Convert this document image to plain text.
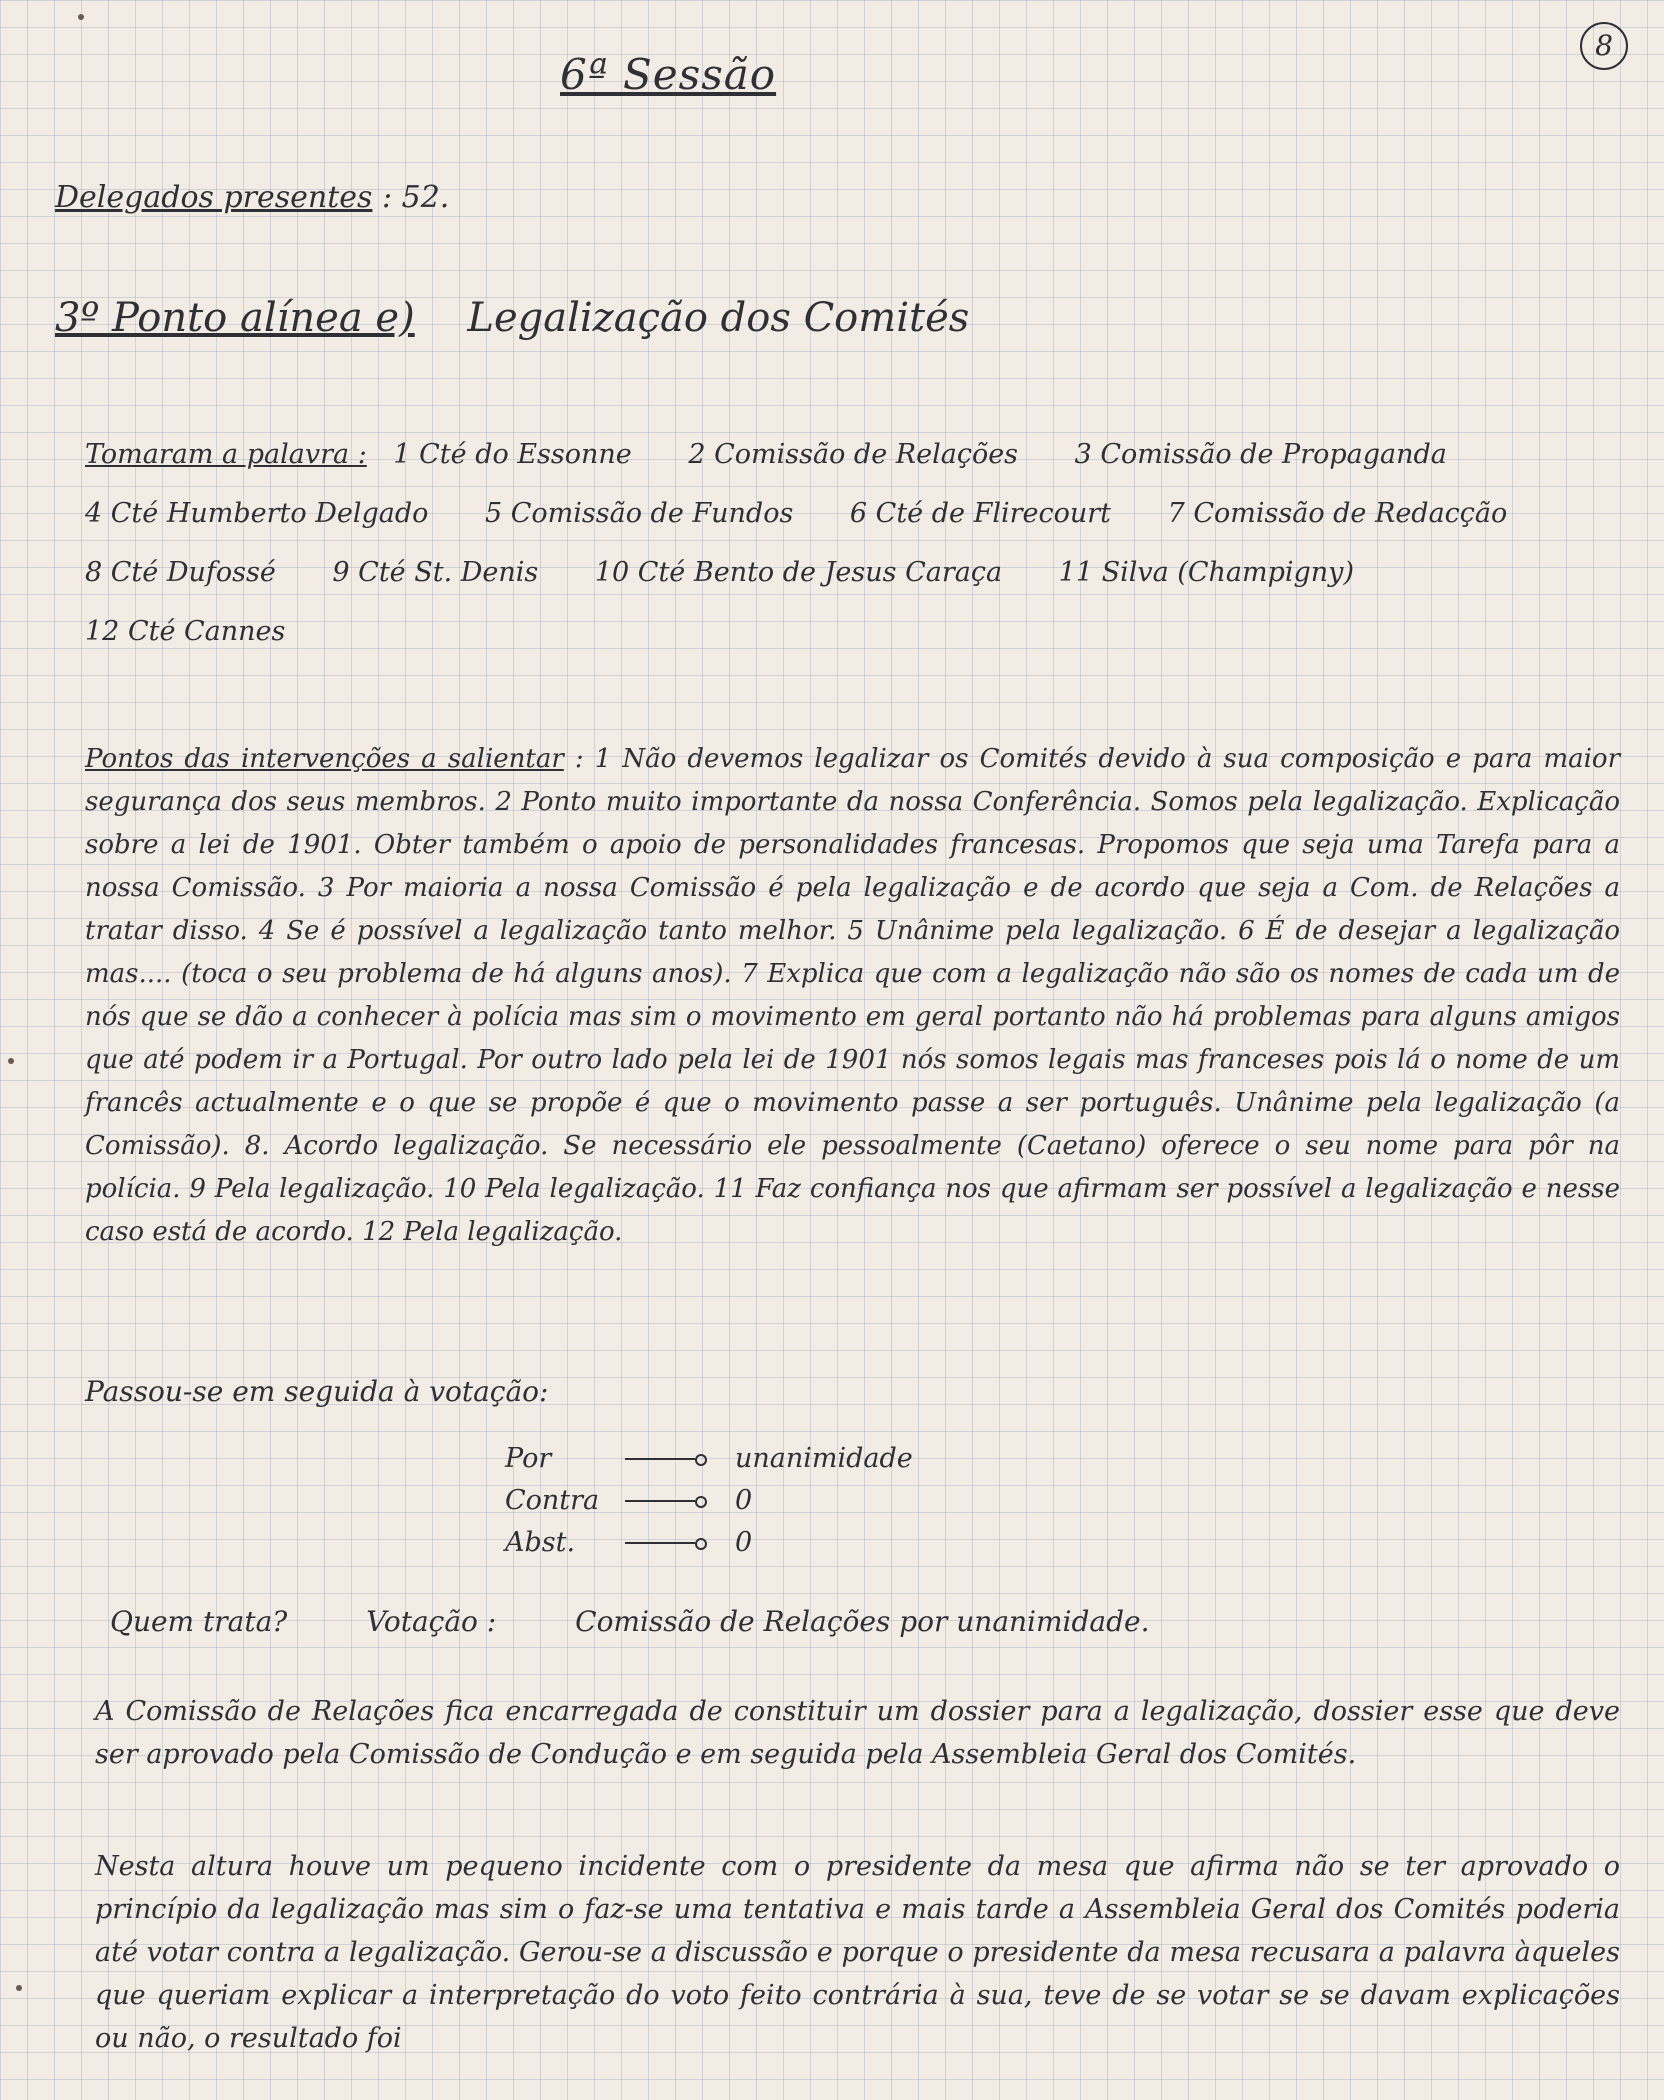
8
6ª Sessão
Delegados presentes : 52.
3º Ponto alínea e) Legalização dos Comités
Tomaram a palavra : 1 Cté do Essonne 2 Comissão de Relações 3 Comissão de Propaganda 4 Cté Humberto Delgado 5 Comissão de Fundos 6 Cté de Flirecourt 7 Comissão de Redacção 8 Cté Dufossé 9 Cté St. Denis 10 Cté Bento de Jesus Caraça 11 Silva (Champigny) 12 Cté Cannes
Pontos das intervenções a salientar : 1 Não devemos legalizar os Comités devido à sua composição e para maior segurança dos seus membros. 2 Ponto muito importante da nossa Conferência. Somos pela legalização. Explicação sobre a lei de 1901. Obter também o apoio de personalidades francesas. Propomos que seja uma Tarefa para a nossa Comissão. 3 Por maioria a nossa Comissão é pela legalização e de acordo que seja a Com. de Relações a tratar disso. 4 Se é possível a legalização tanto melhor. 5 Unânime pela legalização. 6 É de desejar a legalização mas.... (toca o seu problema de há alguns anos). 7 Explica que com a legalização não são os nomes de cada um de nós que se dão a conhecer à polícia mas sim o movimento em geral portanto não há problemas para alguns amigos que até podem ir a Portugal. Por outro lado pela lei de 1901 nós somos legais mas franceses pois lá o nome de um francês actualmente e o que se propõe é que o movimento passe a ser português. Unânime pela legalização (a Comissão). 8. Acordo legalização. Se necessário ele pessoalmente (Caetano) oferece o seu nome para pôr na polícia. 9 Pela legalização. 10 Pela legalização. 11 Faz confiança nos que afirmam ser possível a legalização e nesse caso está de acordo. 12 Pela legalização.
Passou-se em seguida à votação:
Por	unanimidade
Contra	0
Abst.	0
Quem trata?	Votação :	Comissão de Relações por unanimidade.
A Comissão de Relações fica encarregada de constituir um dossier para a legalização, dossier esse que deve ser aprovado pela Comissão de Condução e em seguida pela Assembleia Geral dos Comités.
Nesta altura houve um pequeno incidente com o presidente da mesa que afirma não se ter aprovado o princípio da legalização mas sim o faz-se uma tentativa e mais tarde a Assembleia Geral dos Comités poderia até votar contra a legalização. Gerou-se a discussão e porque o presidente da mesa recusara a palavra àqueles que queriam explicar a interpretação do voto feito contrária à sua, teve de se votar se se davam explicações ou não, o resultado foi
